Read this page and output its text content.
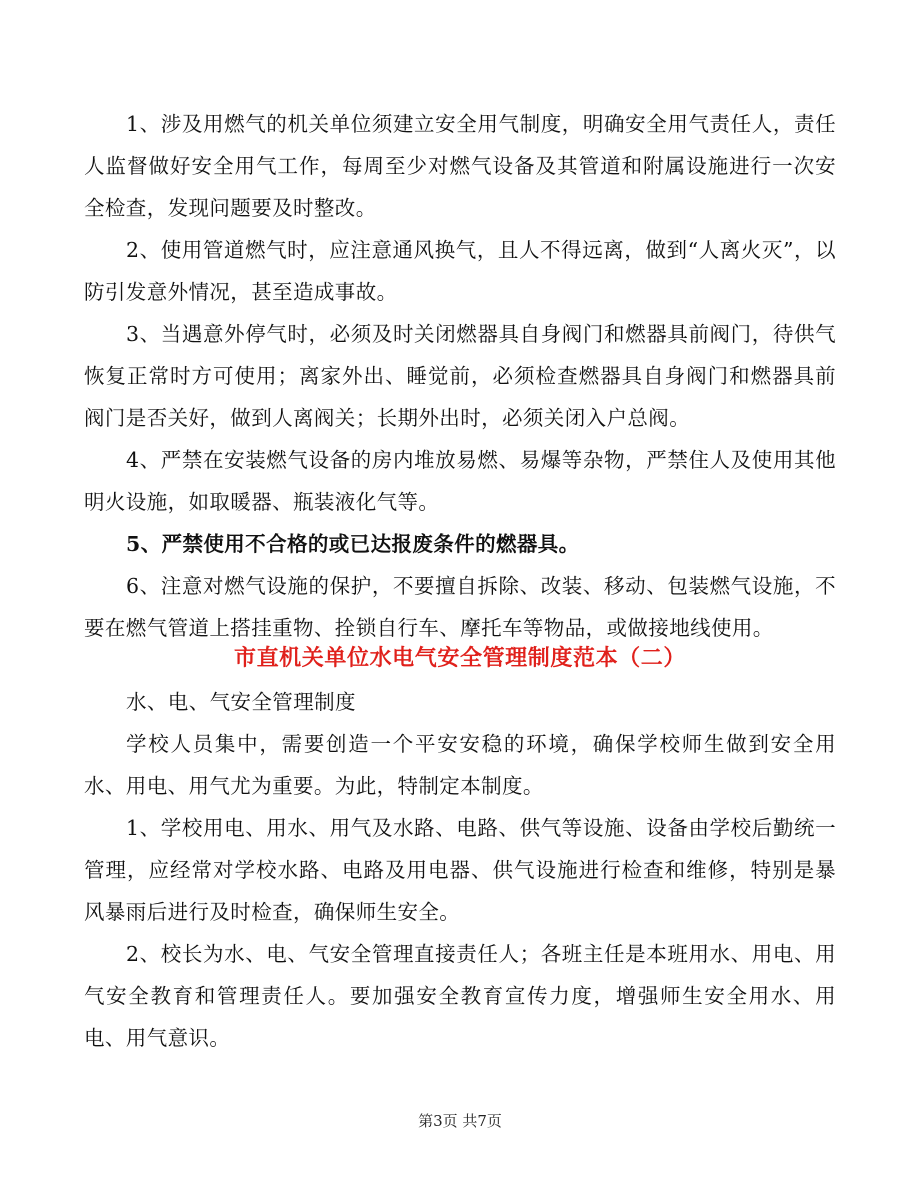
1、涉及用燃气的机关单位须建立安全用气制度，明确安全用气责任人，责任人监督做好安全用气工作，每周至少对燃气设备及其管道和附属设施进行一次安全检查，发现问题要及时整改。

2、使用管道燃气时，应注意通风换气，且人不得远离，做到“人离火灭”，以防引发意外情况，甚至造成事故。

3、当遇意外停气时，必须及时关闭燃器具自身阀门和燃器具前阀门，待供气恢复正常时方可使用；离家外出、睡觉前，必须检查燃器具自身阀门和燃器具前阀门是否关好，做到人离阀关；长期外出时，必须关闭入户总阀。

4、严禁在安装燃气设备的房内堆放易燃、易爆等杂物，严禁住人及使用其他明火设施，如取暖器、瓶装液化气等。

5、严禁使用不合格的或已达报废条件的燃器具。

6、注意对燃气设施的保护，不要擅自拆除、改装、移动、包装燃气设施，不要在燃气管道上搭挂重物、拴锁自行车、摩托车等物品，或做接地线使用。

市直机关单位水电气安全管理制度范本（二）

水、电、气安全管理制度

学校人员集中，需要创造一个平安安稳的环境，确保学校师生做到安全用水、用电、用气尤为重要。为此，特制定本制度。

1、学校用电、用水、用气及水路、电路、供气等设施、设备由学校后勤统一管理，应经常对学校水路、电路及用电器、供气设施进行检查和维修，特别是暴风暴雨后进行及时检查，确保师生安全。

2、校长为水、电、气安全管理直接责任人；各班主任是本班用水、用电、用气安全教育和管理责任人。要加强安全教育宣传力度，增强师生安全用水、用电、用气意识。

第3页 共7页
